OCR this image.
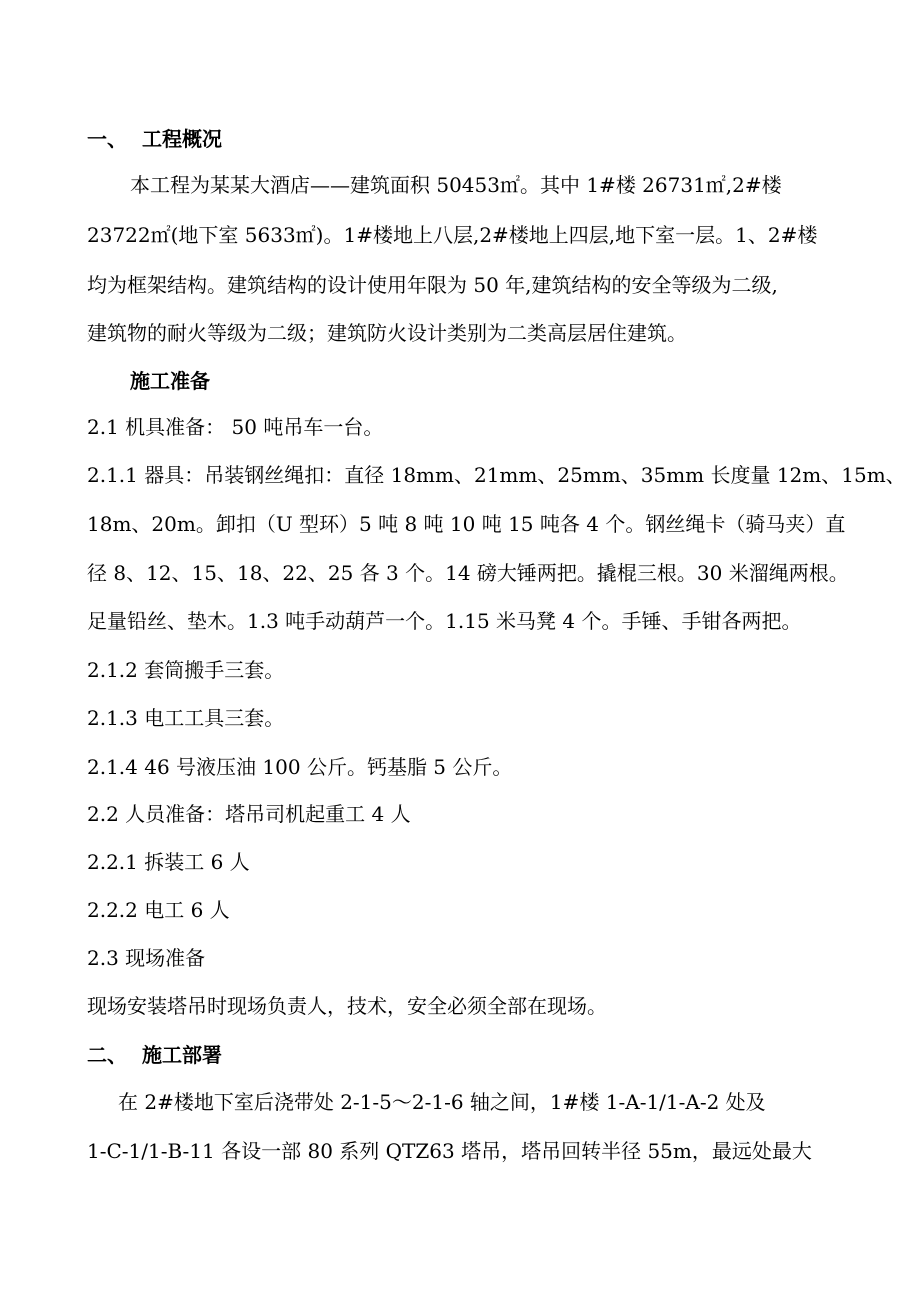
一、 工程概况
本工程为某某大酒店——建筑面积 50453㎡。其中 1#楼 26731㎡,2#楼
23722㎡(地下室 5633㎡)。1#楼地上八层,2#楼地上四层,地下室一层。1、2#楼
均为框架结构。建筑结构的设计使用年限为 50 年,建筑结构的安全等级为二级,
建筑物的耐火等级为二级；建筑防火设计类别为二类高层居住建筑。
施工准备
2.1 机具准备： 50 吨吊车一台。
2.1.1 器具：吊装钢丝绳扣：直径 18mm、21mm、25mm、35mm 长度量 12m、15m、
18m、20m。卸扣（U 型环）5 吨 8 吨 10 吨 15 吨各 4 个。钢丝绳卡（骑马夹）直
径 8、12、15、18、22、25 各 3 个。14 磅大锤两把。撬棍三根。30 米溜绳两根。
足量铅丝、垫木。1.3 吨手动葫芦一个。1.15 米马凳 4 个。手锤、手钳各两把。
2.1.2 套筒搬手三套。
2.1.3 电工工具三套。
2.1.4 46 号液压油 100 公斤。钙基脂 5 公斤。
2.2 人员准备：塔吊司机起重工 4 人
2.2.1 拆装工 6 人
2.2.2 电工 6 人
2.3 现场准备
现场安装塔吊时现场负责人，技术，安全必须全部在现场。
二、 施工部署
在 2#楼地下室后浇带处 2-1-5～2-1-6 轴之间，1#楼 1-A-1/1-A-2 处及
1-C-1/1-B-11 各设一部 80 系列 QTZ63 塔吊，塔吊回转半径 55m，最远处最大
